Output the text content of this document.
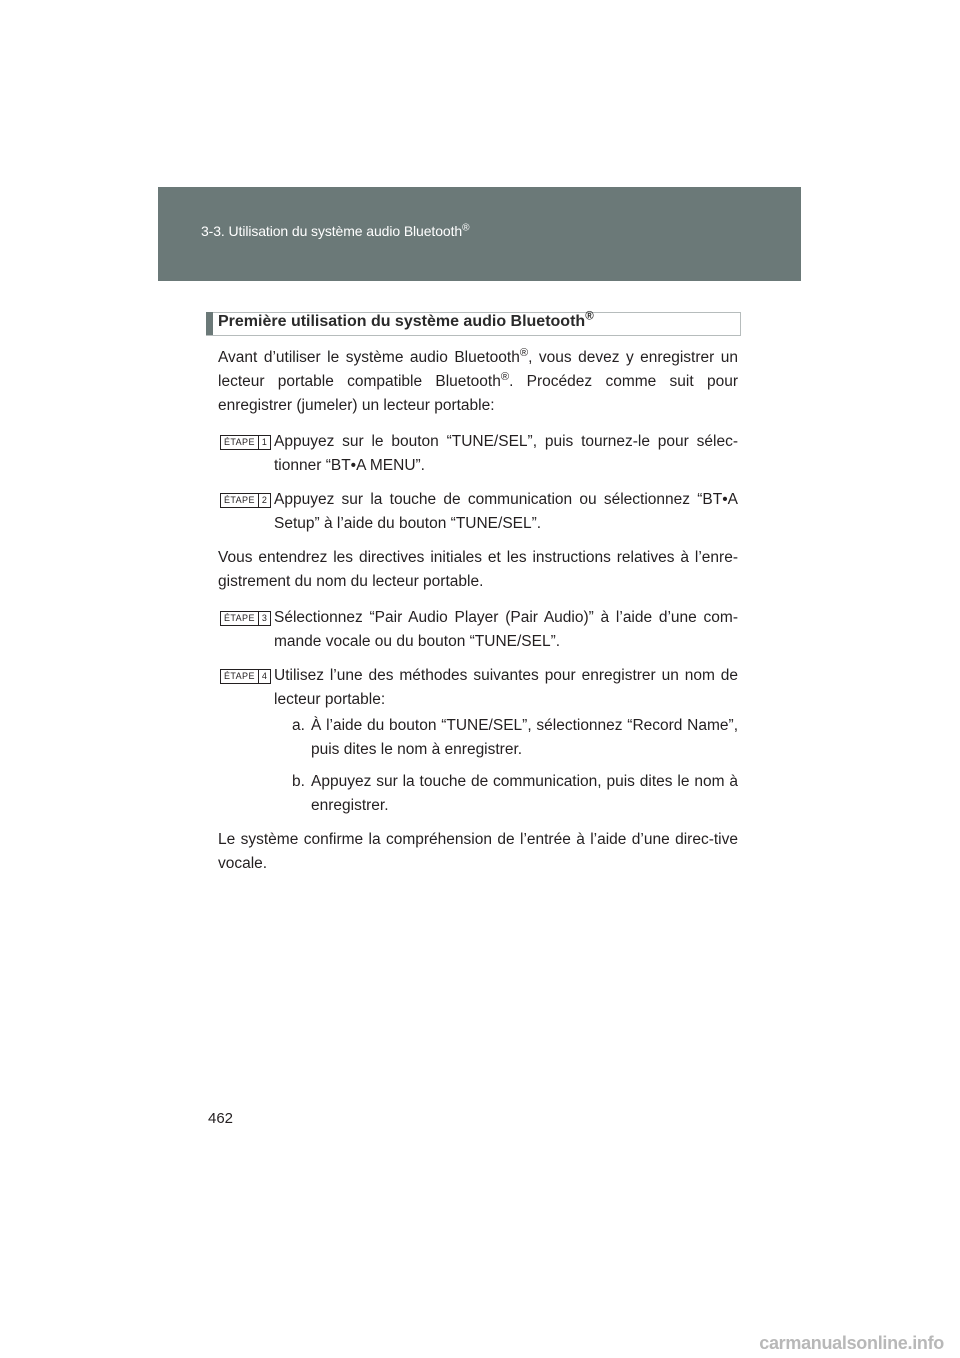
3-3. Utilisation du système audio Bluetooth®
Première utilisation du système audio Bluetooth®

Avant d’utiliser le système audio Bluetooth®, vous devez y enregistrer un lecteur portable compatible Bluetooth®. Procédez comme suit pour enregistrer (jumeler) un lecteur portable:

ÉTAPE 1 Appuyez sur le bouton “TUNE/SEL”, puis tournez-le pour sélec-tionner “BT•A MENU”.
ÉTAPE 2 Appuyez sur la touche de communication ou sélectionnez “BT•A Setup” à l’aide du bouton “TUNE/SEL”.

Vous entendrez les directives initiales et les instructions relatives à l’enre-gistrement du nom du lecteur portable.

ÉTAPE 3 Sélectionnez “Pair Audio Player (Pair Audio)” à l’aide d’une com-mande vocale ou du bouton “TUNE/SEL”.
ÉTAPE 4 Utilisez l’une des méthodes suivantes pour enregistrer un nom de lecteur portable:
a. À l’aide du bouton “TUNE/SEL”, sélectionnez “Record Name”, puis dites le nom à enregistrer.
b. Appuyez sur la touche de communication, puis dites le nom à enregistrer.

Le système confirme la compréhension de l’entrée à l’aide d’une direc-tive vocale.

462
carmanualsonline.info
